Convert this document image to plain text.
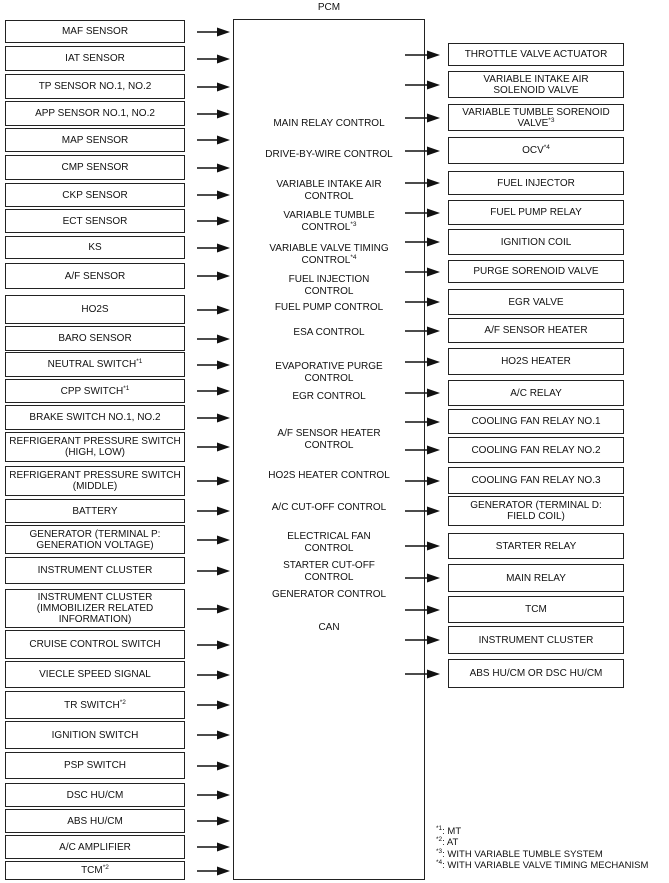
PCM
MAF SENSOR
IAT SENSOR
TP SENSOR NO.1, NO.2
APP SENSOR NO.1, NO.2
MAP SENSOR
CMP SENSOR
CKP SENSOR
ECT SENSOR
KS
A/F SENSOR
HO2S
BARO SENSOR
NEUTRAL SWITCH$^{*1}$
CPP SWITCH$^{*1}$
BRAKE SWITCH NO.1, NO.2
REFRIGERANT PRESSURE SWITCH (HIGH, LOW)
REFRIGERANT PRESSURE SWITCH (MIDDLE)
BATTERY
GENERATOR (TERMINAL P: GENERATION VOLTAGE)
INSTRUMENT CLUSTER
INSTRUMENT CLUSTER (IMMOBILIZER RELATED INFORMATION)
CRUISE CONTROL SWITCH
VIECLE SPEED SIGNAL
TR SWITCH$^{*2}$
IGNITION SWITCH
PSP SWITCH
DSC HU/CM
ABS HU/CM
A/C AMPLIFIER
TCM$^{*2}$
MAIN RELAY CONTROL
DRIVE-BY-WIRE CONTROL
VARIABLE INTAKE AIR CONTROL
VARIABLE TUMBLE CONTROL$^{*3}$
VARIABLE VALVE TIMING CONTROL$^{*4}$
FUEL INJECTION CONTROL
FUEL PUMP CONTROL
ESA CONTROL
EVAPORATIVE PURGE CONTROL
EGR CONTROL
A/F SENSOR HEATER CONTROL
HO2S HEATER CONTROL
A/C CUT-OFF CONTROL
ELECTRICAL FAN CONTROL
STARTER CUT-OFF CONTROL
GENERATOR CONTROL
CAN
THROTTLE VALVE ACTUATOR
VARIABLE INTAKE AIR SOLENOID VALVE
VARIABLE TUMBLE SORENOID VALVE$^{*3}$
OCV$^{*4}$
FUEL INJECTOR
FUEL PUMP RELAY
IGNITION COIL
PURGE SORENOID VALVE
EGR VALVE
A/F SENSOR HEATER
HO2S HEATER
A/C RELAY
COOLING FAN RELAY NO.1
COOLING FAN RELAY NO.2
COOLING FAN RELAY NO.3
GENERATOR (TERMINAL D: FIELD COIL)
STARTER RELAY
MAIN RELAY
TCM
INSTRUMENT CLUSTER
ABS HU/CM OR DSC HU/CM
$^{*1}$: MT
$^{*2}$: AT
$^{*3}$: WITH VARIABLE TUMBLE SYSTEM
$^{*4}$: WITH VARIABLE VALVE TIMING MECHANISM
